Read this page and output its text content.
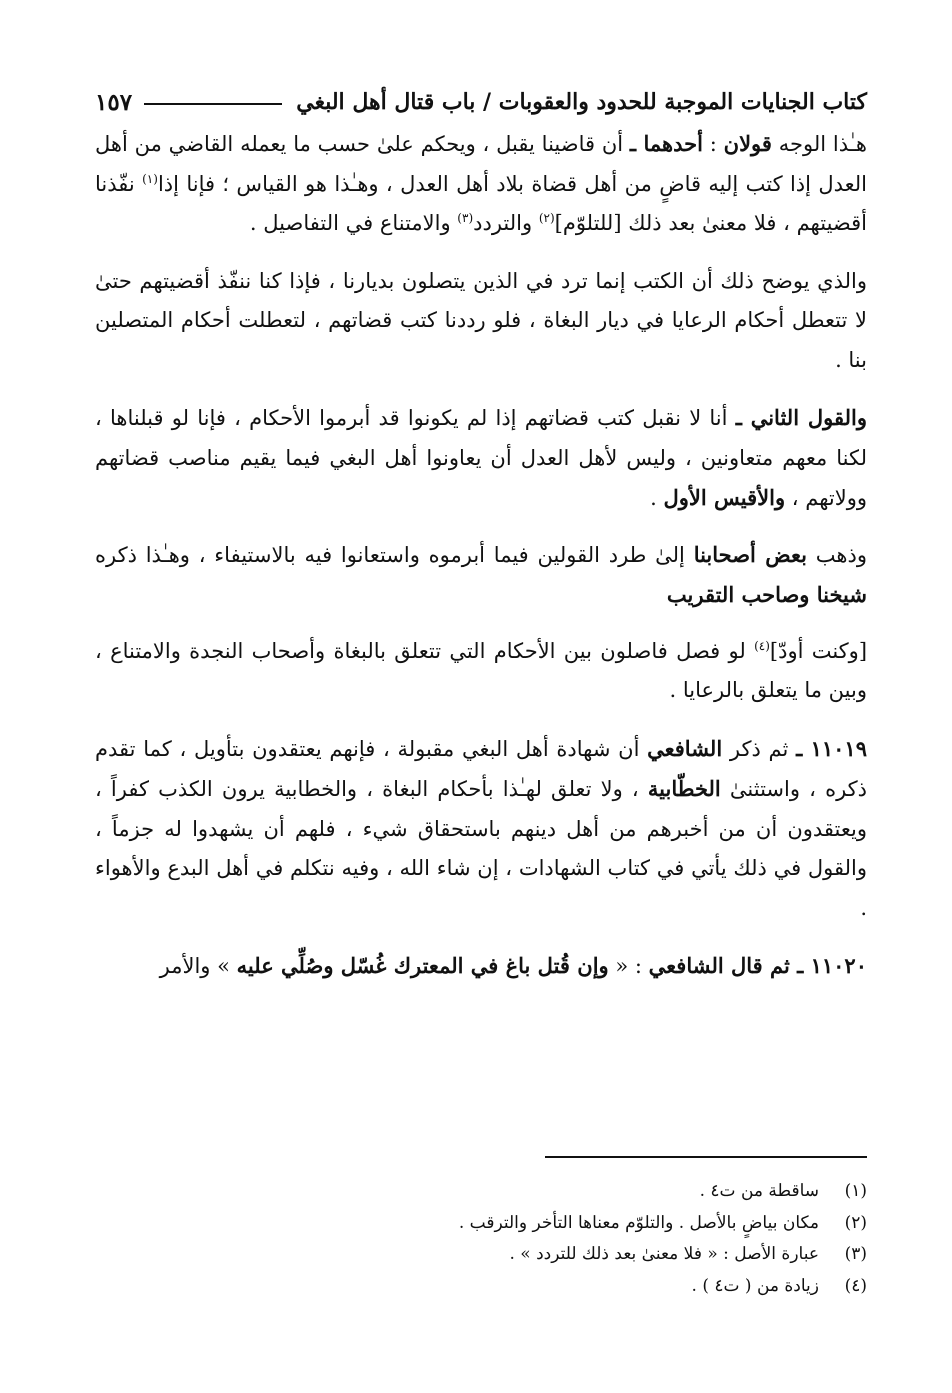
كتاب الجنايات الموجبة للحدود والعقوبات / باب قتال أهل البغي
١٥٧

هـٰذا الوجه قولان : أحدهما ـ أن قاضينا يقبل ، ويحكم علىٰ حسب ما يعمله القاضي من أهل العدل إذا كتب إليه قاضٍ من أهل قضاة بلاد أهل العدل ، وهـٰذا هو القياس ؛ فإنا إذا$^{(١)}$ نفّذنا أقضيتهم ، فلا معنىٰ بعد ذلك [للتلوّم]$^{(٢)}$ والتردد$^{(٣)}$ والامتناع في التفاصيل .

والذي يوضح ذلك أن الكتب إنما ترد في الذين يتصلون بديارنا ، فإذا كنا ننفّذ أقضيتهم حتىٰ لا تتعطل أحكام الرعايا في ديار البغاة ، فلو رددنا كتب قضاتهم ، لتعطلت أحكام المتصلين بنا .

والقول الثاني ـ أنا لا نقبل كتب قضاتهم إذا لم يكونوا قد أبرموا الأحكام ، فإنا لو قبلناها ، لكنا معهم متعاونين ، وليس لأهل العدل أن يعاونوا أهل البغي فيما يقيم مناصب قضاتهم وولاتهم ، والأقيس الأول .

وذهب بعض أصحابنا إلىٰ طرد القولين فيما أبرموه واستعانوا فيه بالاستيفاء ، وهـٰذا ذكره شيخنا وصاحب التقريب

[وكنت أودّ]$^{(٤)}$ لو فصل فاصلون بين الأحكام التي تتعلق بالبغاة وأصحاب النجدة والامتناع ، وبين ما يتعلق بالرعايا .

١١٠١٩ ـ ثم ذكر الشافعي أن شهادة أهل البغي مقبولة ، فإنهم يعتقدون بتأويل ، كما تقدم ذكره ، واستثنىٰ الخطّابية ، ولا تعلق لهـٰذا بأحكام البغاة ، والخطابية يرون الكذب كفراً ، ويعتقدون أن من أخبرهم من أهل دينهم باستحقاق شيء ، فلهم أن يشهدوا له جزماً ، والقول في ذلك يأتي في كتاب الشهادات ، إن شاء الله ، وفيه نتكلم في أهل البدع والأهواء .

١١٠٢٠ ـ ثم قال الشافعي : « وإن قُتل باغ في المعترك غُسّل وصُلِّي عليه » والأمر

(١)
ساقطة من ت٤ .
(٢)
مكان بياضٍ بالأصل . والتلوّم معناها التأخر والترقب .
(٣)
عبارة الأصل : « فلا معنىٰ بعد ذلك للتردد » .
(٤)
زيادة من ( ت٤ ) .
